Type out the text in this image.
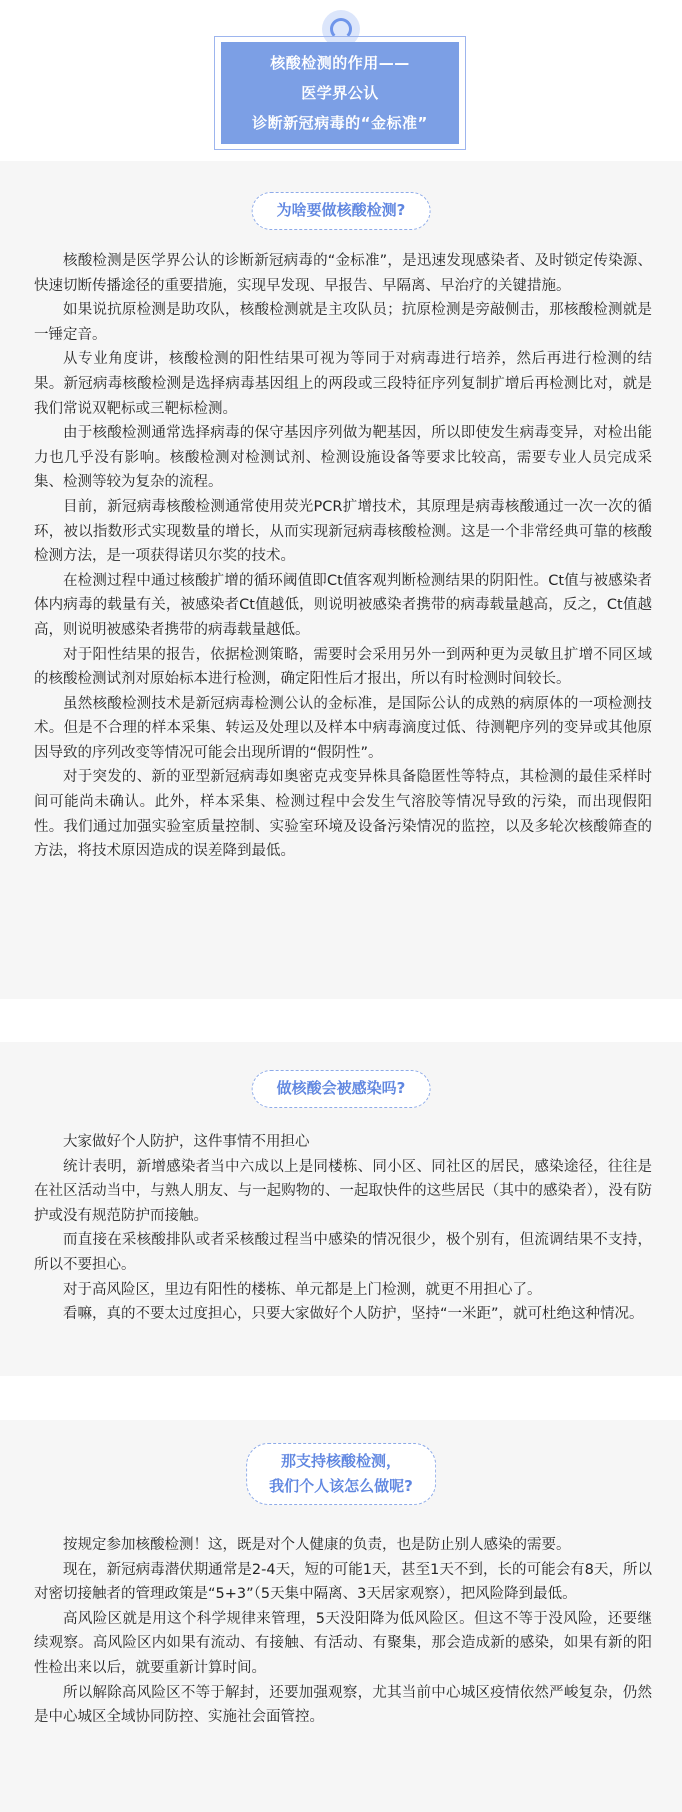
核酸检测的作用——
医学界公认
诊断新冠病毒的“金标准”
为啥要做核酸检测?

核酸检测是医学界公认的诊断新冠病毒的“金标准”，是迅速发现感染者、及时锁定传染源、快速切断传播途径的重要措施，实现早发现、早报告、早隔离、早治疗的关键措施。

如果说抗原检测是助攻队，核酸检测就是主攻队员；抗原检测是旁敲侧击，那核酸检测就是一锤定音。

从专业角度讲，核酸检测的阳性结果可视为等同于对病毒进行培养，然后再进行检测的结果。新冠病毒核酸检测是选择病毒基因组上的两段或三段特征序列复制扩增后再检测比对，就是我们常说双靶标或三靶标检测。

由于核酸检测通常选择病毒的保守基因序列做为靶基因，所以即使发生病毒变异，对检出能力也几乎没有影响。核酸检测对检测试剂、检测设施设备等要求比较高，需要专业人员完成采集、检测等较为复杂的流程。

目前，新冠病毒核酸检测通常使用荧光PCR扩增技术，其原理是病毒核酸通过一次一次的循环，被以指数形式实现数量的增长，从而实现新冠病毒核酸检测。这是一个非常经典可靠的核酸检测方法，是一项获得诺贝尔奖的技术。

在检测过程中通过核酸扩增的循环阈值即Ct值客观判断检测结果的阴阳性。Ct值与被感染者体内病毒的载量有关，被感染者Ct值越低，则说明被感染者携带的病毒载量越高，反之，Ct值越高，则说明被感染者携带的病毒载量越低。

对于阳性结果的报告，依据检测策略，需要时会采用另外一到两种更为灵敏且扩增不同区域的核酸检测试剂对原始标本进行检测，确定阳性后才报出，所以有时检测时间较长。

虽然核酸检测技术是新冠病毒检测公认的金标准，是国际公认的成熟的病原体的一项检测技术。但是不合理的样本采集、转运及处理以及样本中病毒滴度过低、待测靶序列的变异或其他原因导致的序列改变等情况可能会出现所谓的“假阴性”。

对于突发的、新的亚型新冠病毒如奥密克戎变异株具备隐匿性等特点，其检测的最佳采样时间可能尚未确认。此外，样本采集、检测过程中会发生气溶胶等情况导致的污染，而出现假阳性。我们通过加强实验室质量控制、实验室环境及设备污染情况的监控，以及多轮次核酸筛查的方法，将技术原因造成的误差降到最低。

做核酸会被感染吗?

大家做好个人防护，这件事情不用担心

统计表明，新增感染者当中六成以上是同楼栋、同小区、同社区的居民，感染途径，往往是在社区活动当中，与熟人朋友、与一起购物的、一起取快件的这些居民（其中的感染者），没有防护或没有规范防护而接触。

而直接在采核酸排队或者采核酸过程当中感染的情况很少，极个别有，但流调结果不支持，所以不要担心。

对于高风险区，里边有阳性的楼栋、单元都是上门检测，就更不用担心了。

看嘛，真的不要太过度担心，只要大家做好个人防护，坚持“一米距”，就可杜绝这种情况。

那支持核酸检测，
我们个人该怎么做呢?

按规定参加核酸检测！这，既是对个人健康的负责，也是防止别人感染的需要。

现在，新冠病毒潜伏期通常是2-4天，短的可能1天，甚至1天不到，长的可能会有8天，所以对密切接触者的管理政策是“5+3”（5天集中隔离、3天居家观察），把风险降到最低。

高风险区就是用这个科学规律来管理，5天没阳降为低风险区。但这不等于没风险，还要继续观察。高风险区内如果有流动、有接触、有活动、有聚集，那会造成新的感染，如果有新的阳性检出来以后，就要重新计算时间。

所以解除高风险区不等于解封，还要加强观察，尤其当前中心城区疫情依然严峻复杂，仍然是中心城区全域协同防控、实施社会面管控。
